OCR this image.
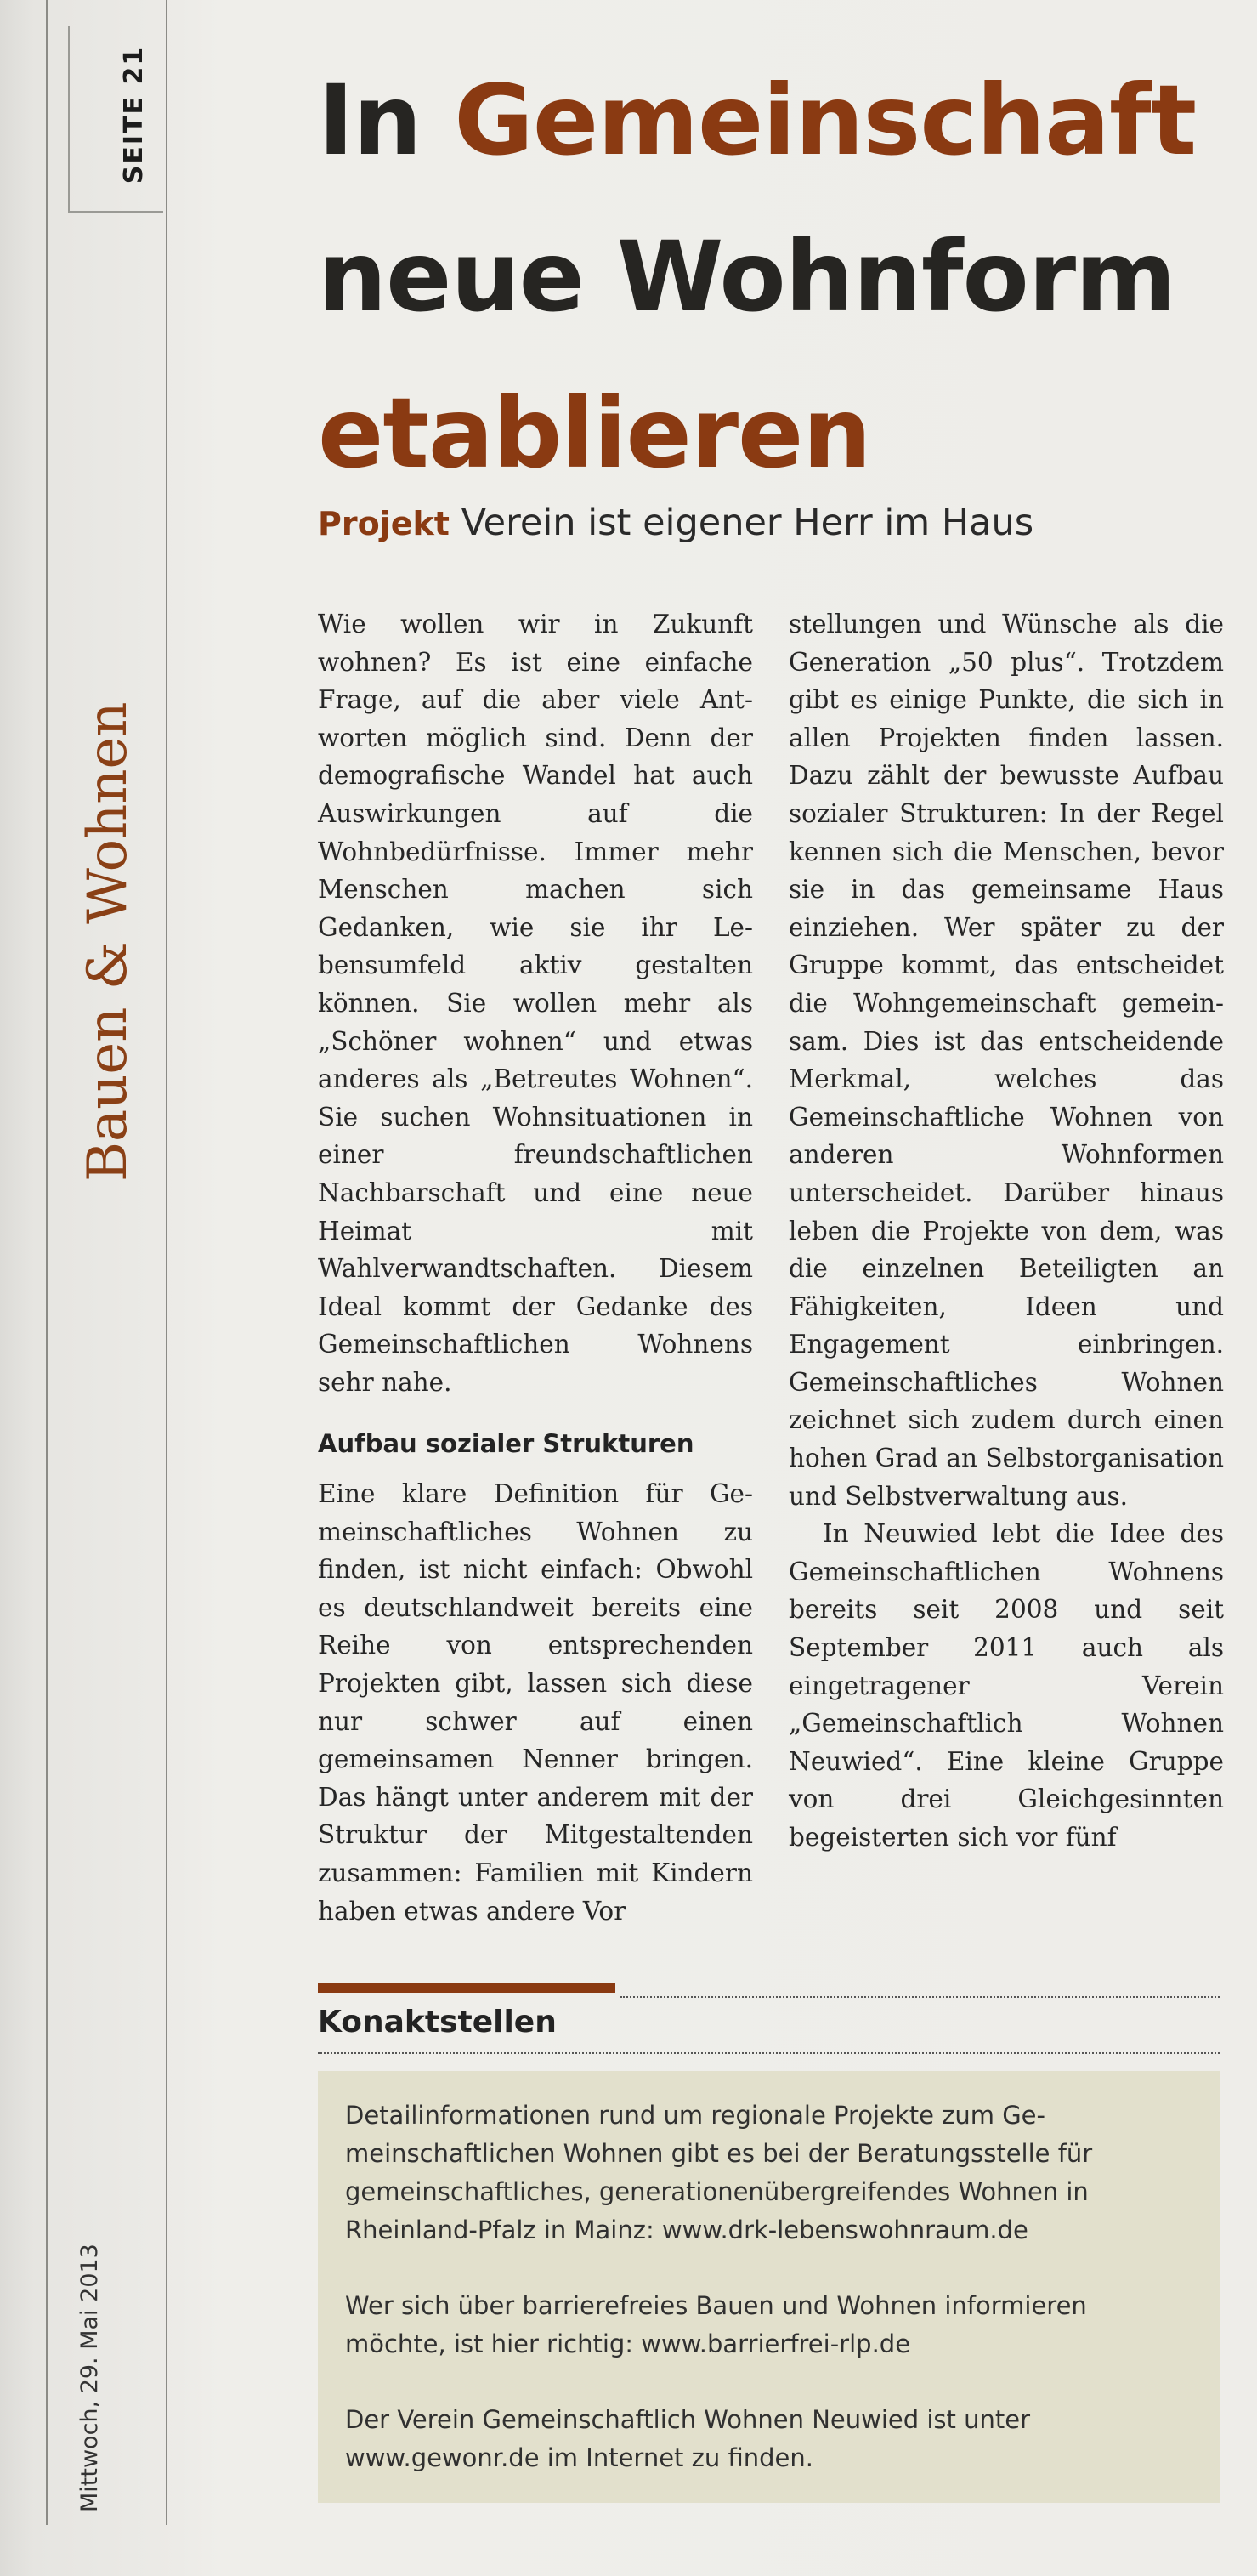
SEITE 21
Bauen & Wohnen
Mittwoch, 29. Mai 2013
In Gemeinschaft
neue Wohnform
etablieren
Projekt Verein ist eigener Herr im Haus

Wie wollen wir in Zukunft wohnen? Es ist eine einfache Frage, auf die aber viele Antworten möglich sind. Denn der demografische Wandel hat auch Auswirkungen auf die Wohnbedürfnisse. Immer mehr Menschen machen sich Gedanken, wie sie ihr Lebensumfeld aktiv gestalten können. Sie wollen mehr als „Schöner wohnen“ und etwas anderes als „Betreutes Wohnen“. Sie suchen Wohnsituationen in einer freundschaftlichen Nachbarschaft und eine neue Heimat mit Wahlverwandtschaften. Diesem Ideal kommt der Gedanke des Gemeinschaftlichen Wohnens sehr nahe.

Aufbau sozialer Strukturen

Eine klare Definition für Gemeinschaftliches Wohnen zu finden, ist nicht einfach: Obwohl es deutschlandweit bereits eine Reihe von entsprechenden Projekten gibt, lassen sich diese nur schwer auf einen gemeinsamen Nenner bringen. Das hängt unter anderem mit der Struktur der Mitgestaltenden zusammen: Familien mit Kindern haben etwas andere Vor

stellungen und Wünsche als die Generation „50 plus“. Trotzdem gibt es einige Punkte, die sich in allen Projekten finden lassen. Dazu zählt der bewusste Aufbau sozialer Strukturen: In der Regel kennen sich die Menschen, bevor sie in das gemeinsame Haus einziehen. Wer später zu der Gruppe kommt, das entscheidet die Wohngemeinschaft gemeinsam. Dies ist das entscheidende Merkmal, welches das Gemeinschaftliche Wohnen von anderen Wohnformen unterscheidet. Darüber hinaus leben die Projekte von dem, was die einzelnen Beteiligten an Fähigkeiten, Ideen und Engagement einbringen. Gemeinschaftliches Wohnen zeichnet sich zudem durch einen hohen Grad an Selbstorganisation und Selbstverwaltung aus.

In Neuwied lebt die Idee des Gemeinschaftlichen Wohnens bereits seit 2008 und seit September 2011 auch als eingetragener Verein „Gemeinschaftlich Wohnen Neuwied“. Eine kleine Gruppe von drei Gleichgesinnten begeisterten sich vor fünf

Konaktstellen

Detailinformationen rund um regionale Projekte zum Gemeinschaftlichen Wohnen gibt es bei der Beratungsstelle für gemeinschaftliches, generationenübergreifendes Wohnen in Rheinland-Pfalz in Mainz: www.drk-lebenswohnraum.de

Wer sich über barrierefreies Bauen und Wohnen informieren möchte, ist hier richtig: www.barrierfrei-rlp.de

Der Verein Gemeinschaftlich Wohnen Neuwied ist unter www.gewonr.de im Internet zu finden.
